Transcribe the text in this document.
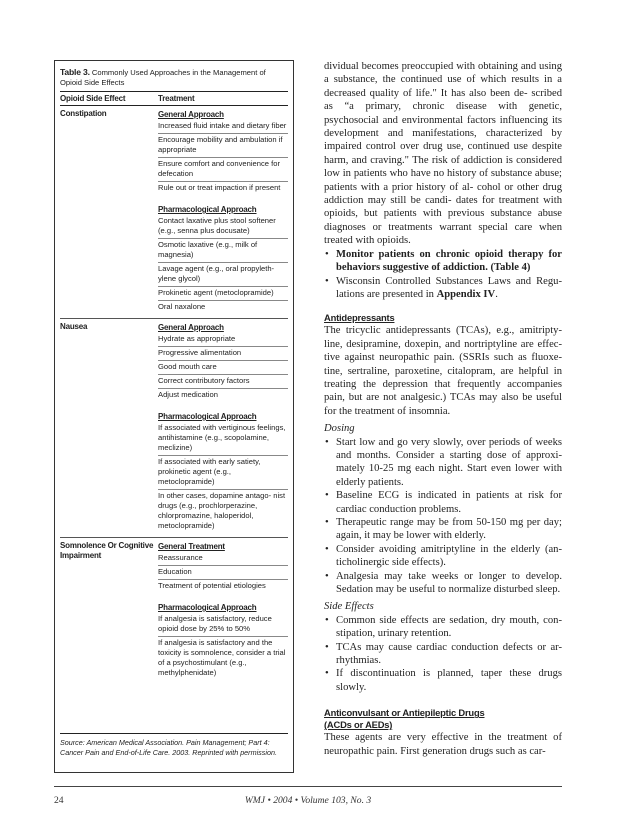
Table 3. Commonly Used Approaches in the Management of Opioid Side Effects
Opioid Side Effect	Treatment
Constipation	General Approach
Increased fluid intake and dietary fiber
Encourage mobility and ambulation if appropriate
Ensure comfort and convenience for defecation
Rule out or treat impaction if present
Pharmacological Approach
Contact laxative plus stool softener (e.g., senna plus docusate)
Osmotic laxative (e.g., milk of magnesia)
Lavage agent (e.g., oral propyleth- ylene glycol)
Prokinetic agent (metoclopramide)
Oral naxalone
Nausea	General Approach
Hydrate as appropriate
Progressive alimentation
Good mouth care
Correct contributory factors
Adjust medication
Pharmacological Approach
If associated with vertiginous feelings, antihistamine (e.g., scopolamine, meclizine)
If associated with early satiety, prokinetic agent (e.g., metoclopramide)
In other cases, dopamine antago- nist drugs (e.g., prochlorperazine, chlorpromazine, haloperidol, metoclopramide)
Somnolence Or Cognitive Impairment
General Treatment
Reassurance
Education
Treatment of potential etiologies
Pharmacological Approach
If analgesia is satisfactory, reduce opioid dose by 25% to 50%
If analgesia is satisfactory and the toxicity is somnolence, consider a trial of a psychostimulant (e.g., methylphenidate)
Source: American Medical Association. Pain Management; Part 4: Cancer Pain and End-of-Life Care. 2003. Reprinted with permission.

dividual becomes preoccupied with obtaining and using a substance, the continued use of which results in a decreased quality of life." It has also been de- scribed as “a primary, chronic disease with genetic, psychosocial and environmental factors influencing its development and manifestations, characterized by impaired control over drug use, continued use despite harm, and craving." The risk of addiction is considered low in patients who have no history of substance abuse; patients with a prior history of al- cohol or other drug addiction may still be candi- dates for treatment with opioids, but patients with previous substance abuse diagnoses or treatments warrant special care when treated with opioids.

• Monitor patients on chronic opioid therapy for behaviors suggestive of addiction. (Table 4)
• Wisconsin Controlled Substances Laws and Regu- lations are presented in Appendix IV.
Antidepressants

The tricyclic antidepressants (TCAs), e.g., amitripty- line, desipramine, doxepin, and nortriptyline are effec- tive against neuropathic pain. (SSRIs such as fluoxe- tine, sertraline, paroxetine, citalopram, are helpful in treating the depression that frequently accompanies pain, but are not analgesic.) TCAs may also be useful for the treatment of insomnia.

Dosing
• Start low and go very slowly, over periods of weeks and months. Consider a starting dose of approxi- mately 10-25 mg each night. Start even lower with elderly patients.
• Baseline ECG is indicated in patients at risk for cardiac conduction problems.
• Therapeutic range may be from 50-150 mg per day; again, it may be lower with elderly.
• Consider avoiding amitriptyline in the elderly (an- ticholinergic side effects).
• Analgesia may take weeks or longer to develop. Sedation may be useful to normalize disturbed sleep.
Side Effects
• Common side effects are sedation, dry mouth, con- stipation, urinary retention.
• TCAs may cause cardiac conduction defects or ar- rhythmias.
• If discontinuation is planned, taper these drugs slowly.
Anticonvulsant or Antiepileptic Drugs
(ACDs or AEDs)

These agents are very effective in the treatment of neuropathic pain. First generation drugs such as car-

24	WMJ • 2004 • Volume 103, No. 3
